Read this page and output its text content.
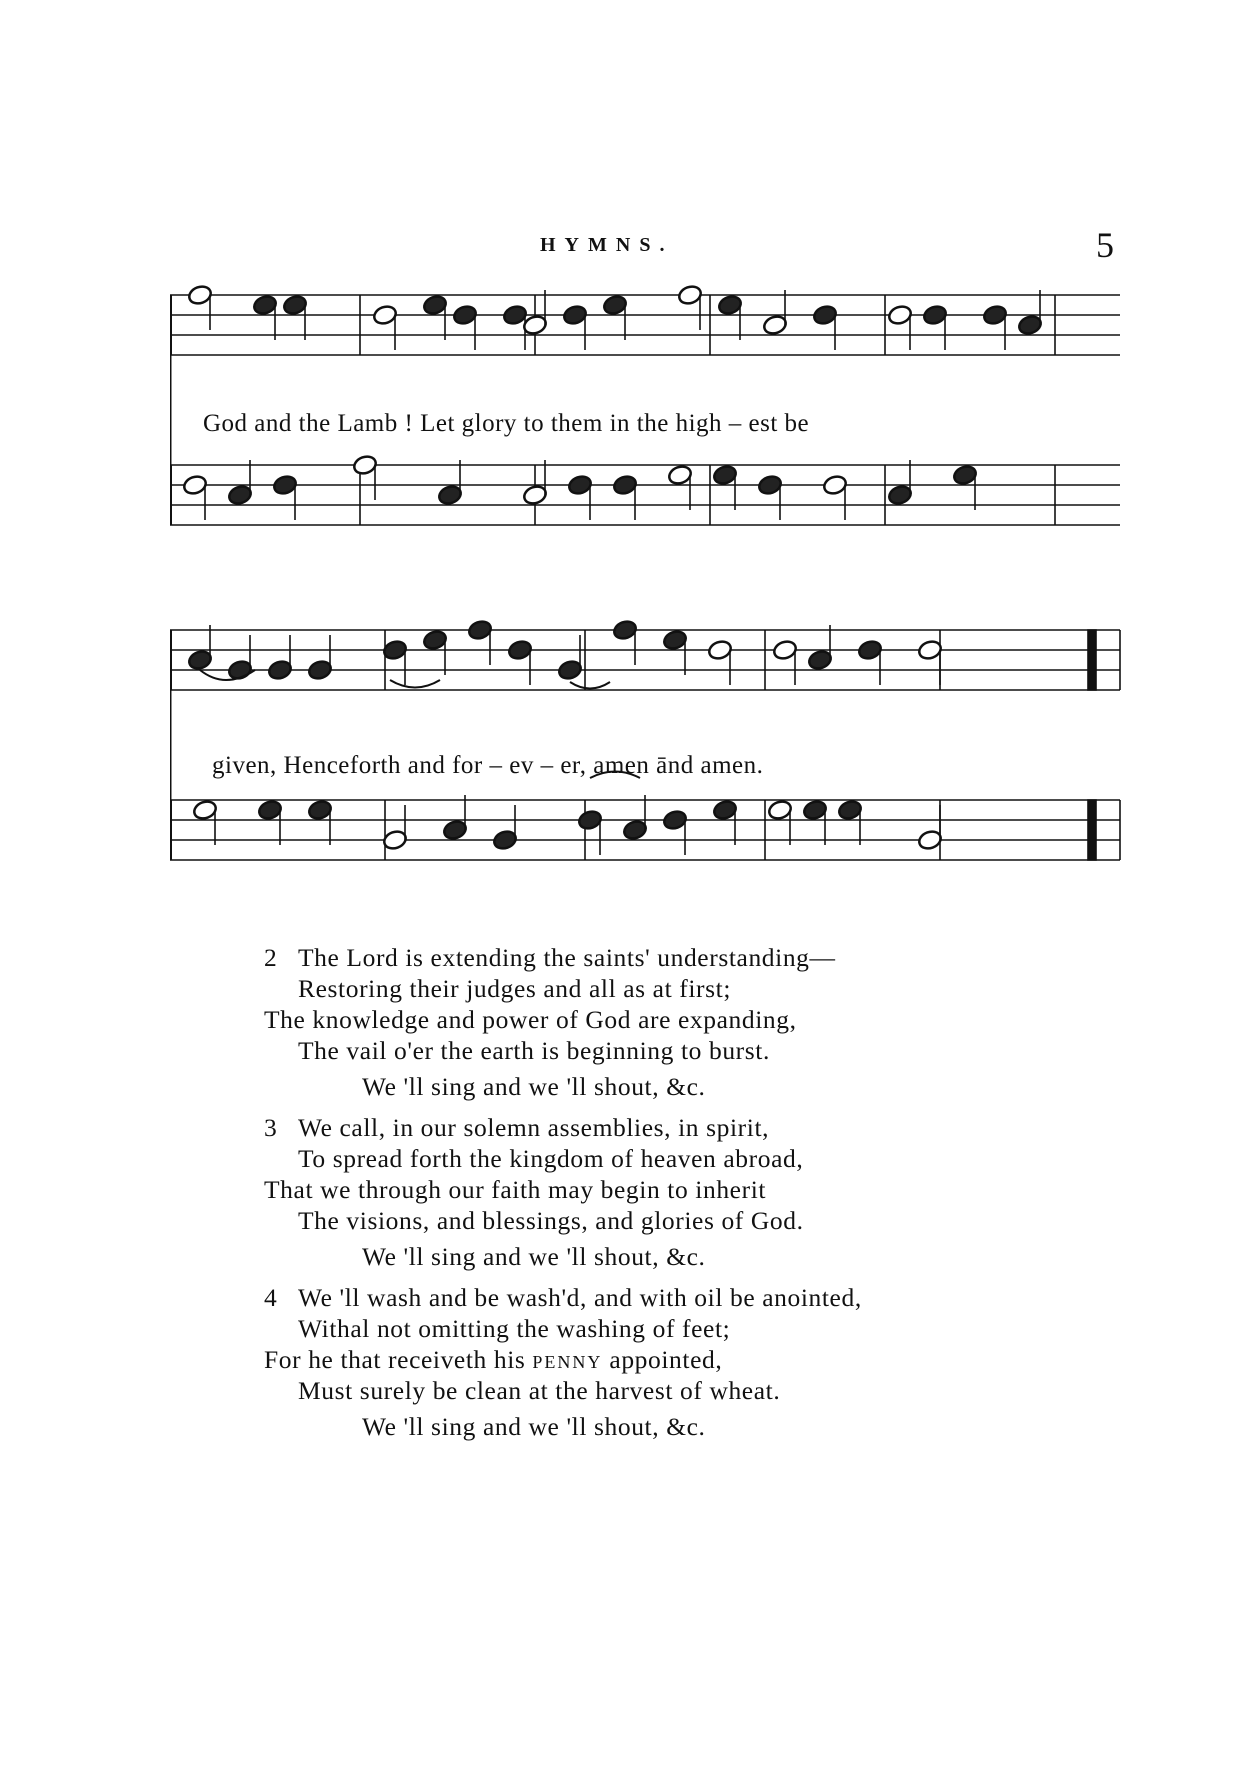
HYMNS.	5
God and the Lamb ! Let glory to them in the high – est be
given, Henceforth and for – ev – er, amen ānd amen.
2 The Lord is extending the saints' understanding—
Restoring their judges and all as at first;
The knowledge and power of God are expanding,
The vail o'er the earth is beginning to burst.
We 'll sing and we 'll shout, &c.
3 We call, in our solemn assemblies, in spirit,
To spread forth the kingdom of heaven abroad,
That we through our faith may begin to inherit
The visions, and blessings, and glories of God.
We 'll sing and we 'll shout, &c.
4 We 'll wash and be wash'd, and with oil be anointed,
Withal not omitting the washing of feet;
For he that receiveth his penny appointed,
Must surely be clean at the harvest of wheat.
We 'll sing and we 'll shout, &c.
